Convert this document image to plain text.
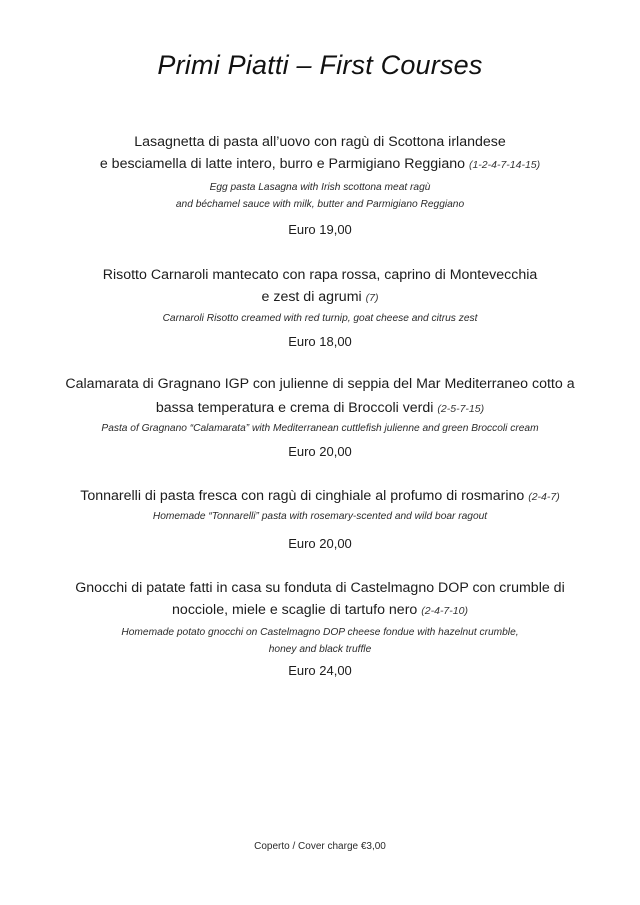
Primi Piatti – First Courses
Lasagnetta di pasta all’uovo con ragù di Scottona irlandese
e besciamella di latte intero, burro e Parmigiano Reggiano (1-2-4-7-14-15)
Egg pasta Lasagna with Irish scottona meat ragù
and béchamel sauce with milk, butter and Parmigiano Reggiano
Euro 19,00
Risotto Carnaroli mantecato con rapa rossa, caprino di Montevecchia
e zest di agrumi (7)
Carnaroli Risotto creamed with red turnip, goat cheese and citrus zest
Euro 18,00
Calamarata di Gragnano IGP con julienne di seppia del Mar Mediterraneo cotto a
bassa temperatura e crema di Broccoli verdi (2-5-7-15)
Pasta of Gragnano “Calamarata” with Mediterranean cuttlefish julienne and green Broccoli cream
Euro 20,00
Tonnarelli di pasta fresca con ragù di cinghiale al profumo di rosmarino (2-4-7)
Homemade “Tonnarelli” pasta with rosemary-scented and wild boar ragout
Euro 20,00
Gnocchi di patate fatti in casa su fonduta di Castelmagno DOP con crumble di
nocciole, miele e scaglie di tartufo nero (2-4-7-10)
Homemade potato gnocchi on Castelmagno DOP cheese fondue with hazelnut crumble,
honey and black truffle
Euro 24,00
Coperto / Cover charge €3,00
